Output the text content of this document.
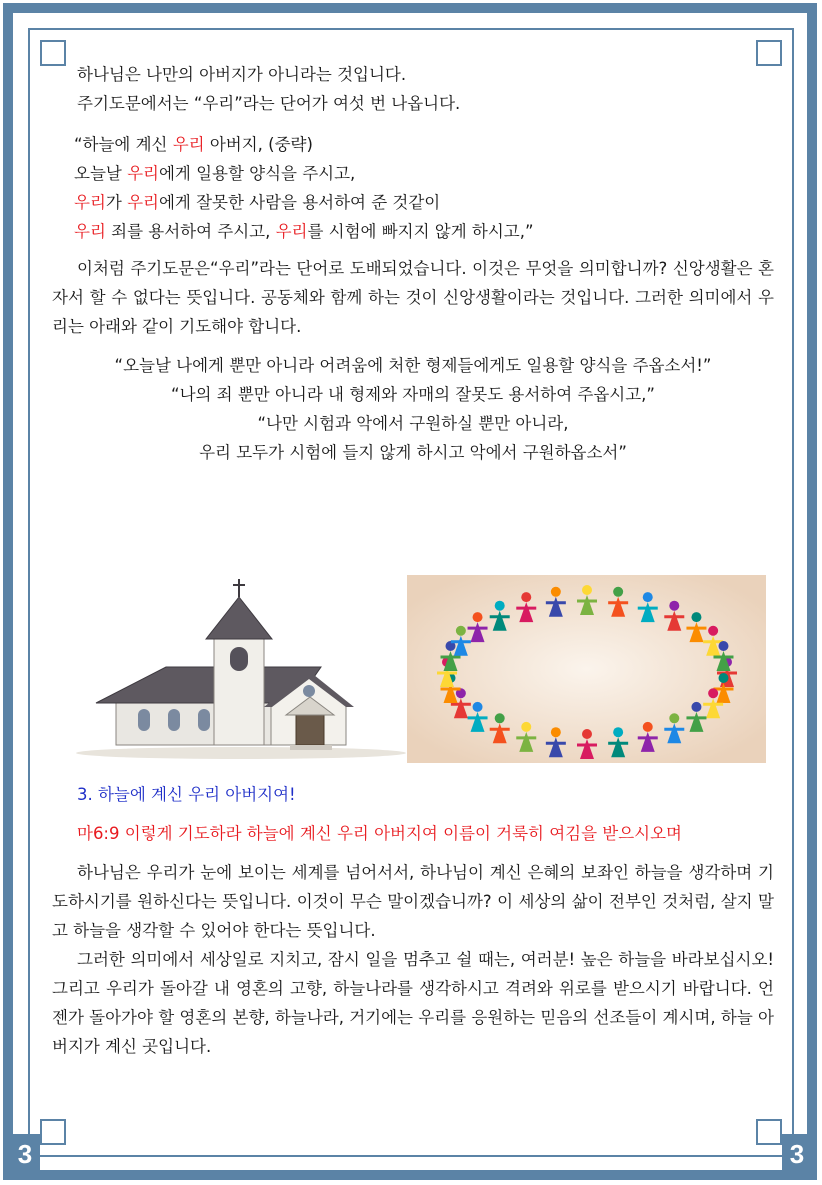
3	3

하나님은 나만의 아버지가 아니라는 것입니다.

주기도문에서는 “우리”라는 단어가 여섯 번 나옵니다.

“하늘에 계신 우리 아버지, (중략)

오늘날 우리에게 일용할 양식을 주시고,

우리가 우리에게 잘못한 사람을 용서하여 준 것같이

우리 죄를 용서하여 주시고, 우리를 시험에 빠지지 않게 하시고,”

이처럼 주기도문은“우리”라는 단어로 도배되었습니다. 이것은 무엇을 의미합니까? 신앙생활은 혼자서 할 수 없다는 뜻입니다. 공동체와 함께 하는 것이 신앙생활이라는 것입니다. 그러한 의미에서 우리는 아래와 같이 기도해야 합니다.

“오늘날 나에게 뿐만 아니라 어려움에 처한 형제들에게도 일용할 양식을 주옵소서!”

“나의 죄 뿐만 아니라 내 형제와 자매의 잘못도 용서하여 주옵시고,”

“나만 시험과 악에서 구원하실 뿐만 아니라,

우리 모두가 시험에 들지 않게 하시고 악에서 구원하옵소서”

3. 하늘에 계신 우리 아버지여!

마6:9 이렇게 기도하라 하늘에 계신 우리 아버지여 이름이 거룩히 여김을 받으시오며

하나님은 우리가 눈에 보이는 세계를 넘어서서, 하나님이 계신 은혜의 보좌인 하늘을 생각하며 기도하시기를 원하신다는 뜻입니다. 이것이 무슨 말이겠습니까? 이 세상의 삶이 전부인 것처럼, 살지 말고 하늘을 생각할 수 있어야 한다는 뜻입니다.

그러한 의미에서 세상일로 지치고, 잠시 일을 멈추고 쉴 때는, 여러분! 높은 하늘을 바라보십시오! 그리고 우리가 돌아갈 내 영혼의 고향, 하늘나라를 생각하시고 격려와 위로를 받으시기 바랍니다. 언젠가 돌아가야 할 영혼의 본향, 하늘나라, 거기에는 우리를 응원하는 믿음의 선조들이 계시며, 하늘 아버지가 계신 곳입니다.
